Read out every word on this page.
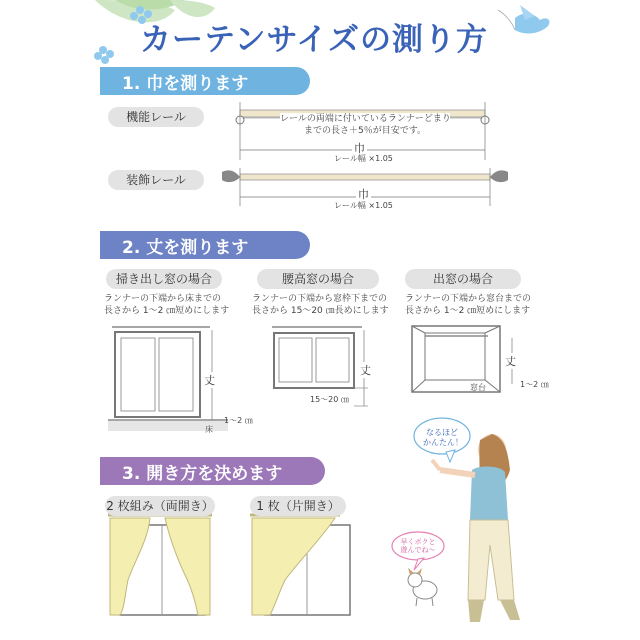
カーテンサイズの測り方
1. 巾を測ります
機能レール	レールの両端に付いているランナーどまり
までの長さ＋5％が目安です。
巾
レール幅 ×1.05
装飾レール
巾
レール幅 ×1.05
2. 丈を測ります
掃き出し窓の場合
ランナーの下端から床までの
長さから 1〜2 ㎝短めにします
丈
1〜2 ㎝
床
腰高窓の場合
ランナーの下端から窓枠下までの
長さから 15〜20 ㎝長めにします
丈
15〜20 ㎝
出窓の場合
ランナーの下端から窓台までの
長さから 1〜2 ㎝短めにします
丈
窓台	1〜2 ㎝
3. 開き方を決めます
2 枚組み（両開き）	1 枚（片開き）
なるほど
かんたん！
早くボクと
遊んでね～
